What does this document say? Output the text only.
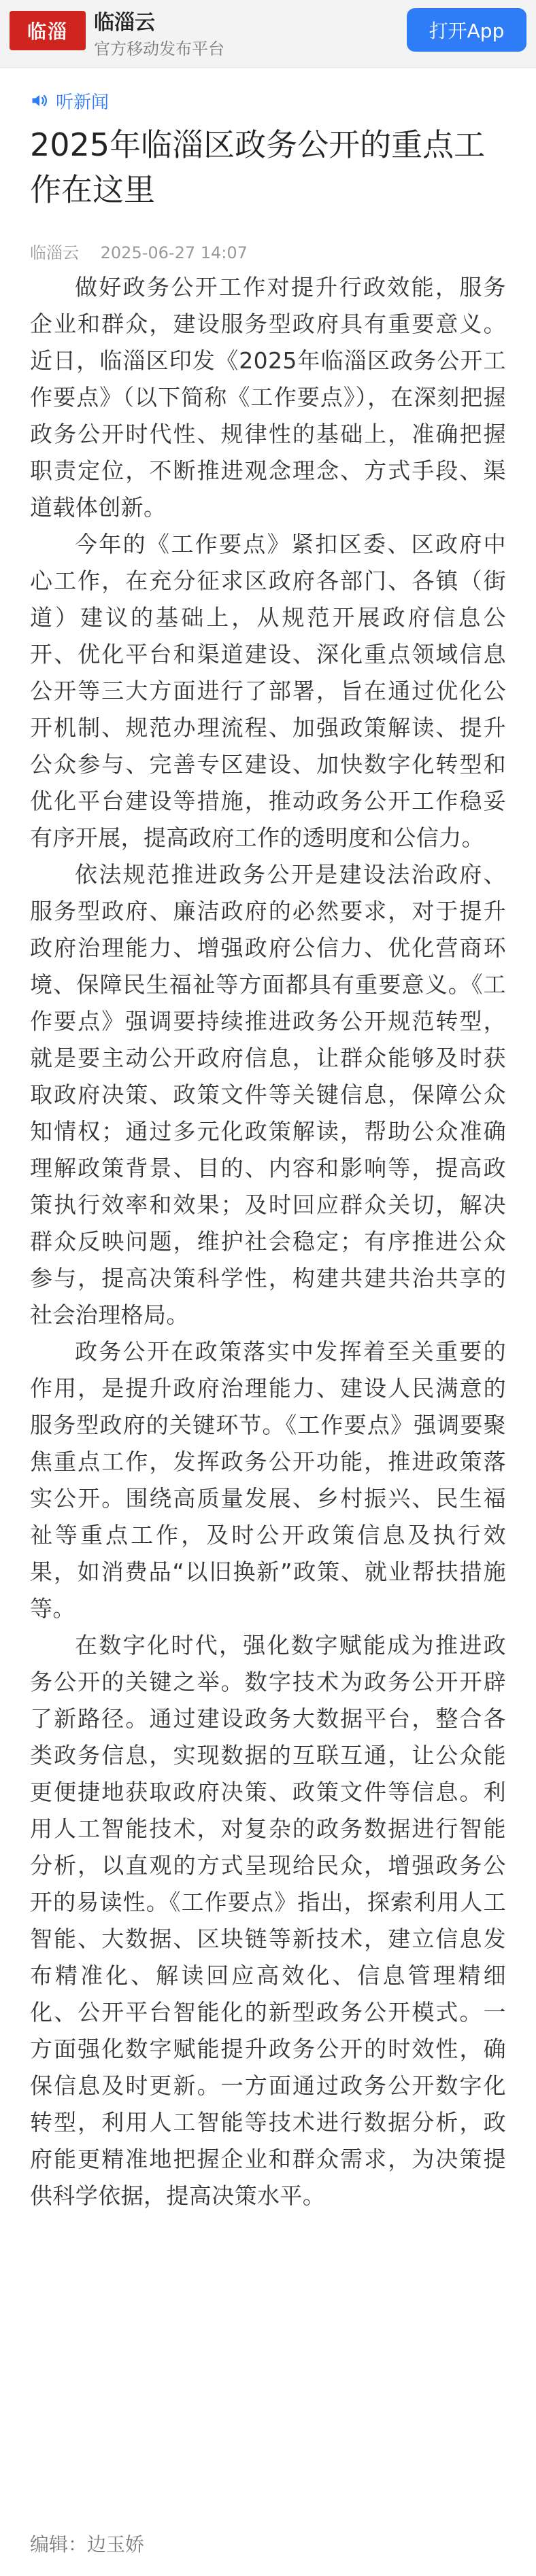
临淄 临淄云
官方移动发布平台
打开App
听新闻
2025年临淄区政务公开的重点工作在这里
临淄云 2025-06-27 14:07

做好政务公开工作对提升行政效能，服务企业和群众，建设服务型政府具有重要意义。近日，临淄区印发《2025年临淄区政务公开工作要点》（以下简称《工作要点》），在深刻把握政务公开时代性、规律性的基础上，准确把握职责定位，不断推进观念理念、方式手段、渠道载体创新。

今年的《工作要点》紧扣区委、区政府中心工作，在充分征求区政府各部门、各镇（街道）建议的基础上，从规范开展政府信息公开、优化平台和渠道建设、深化重点领域信息公开等三大方面进行了部署，旨在通过优化公开机制、规范办理流程、加强政策解读、提升公众参与、完善专区建设、加快数字化转型和优化平台建设等措施，推动政务公开工作稳妥有序开展，提高政府工作的透明度和公信力。

依法规范推进政务公开是建设法治政府、服务型政府、廉洁政府的必然要求，对于提升政府治理能力、增强政府公信力、优化营商环境、保障民生福祉等方面都具有重要意义。《工作要点》强调要持续推进政务公开规范转型，就是要主动公开政府信息，让群众能够及时获取政府决策、政策文件等关键信息，保障公众知情权；通过多元化政策解读，帮助公众准确理解政策背景、目的、内容和影响等，提高政策执行效率和效果；及时回应群众关切，解决群众反映问题，维护社会稳定；有序推进公众参与，提高决策科学性，构建共建共治共享的社会治理格局。

政务公开在政策落实中发挥着至关重要的作用，是提升政府治理能力、建设人民满意的服务型政府的关键环节。《工作要点》强调要聚焦重点工作，发挥政务公开功能，推进政策落实公开。围绕高质量发展、乡村振兴、民生福祉等重点工作，及时公开政策信息及执行效果，如消费品“以旧换新”政策、就业帮扶措施等。

在数字化时代，强化数字赋能成为推进政务公开的关键之举。数字技术为政务公开开辟了新路径。通过建设政务大数据平台，整合各类政务信息，实现数据的互联互通，让公众能更便捷地获取政府决策、政策文件等信息。利用人工智能技术，对复杂的政务数据进行智能分析，以直观的方式呈现给民众，增强政务公开的易读性。《工作要点》指出，探索利用人工智能、大数据、区块链等新技术，建立信息发布精准化、解读回应高效化、信息管理精细化、公开平台智能化的新型政务公开模式。一方面强化数字赋能提升政务公开的时效性，确保信息及时更新。一方面通过政务公开数字化转型，利用人工智能等技术进行数据分析，政府能更精准地把握企业和群众需求，为决策提供科学依据，提高决策水平。

编辑：边玉娇
